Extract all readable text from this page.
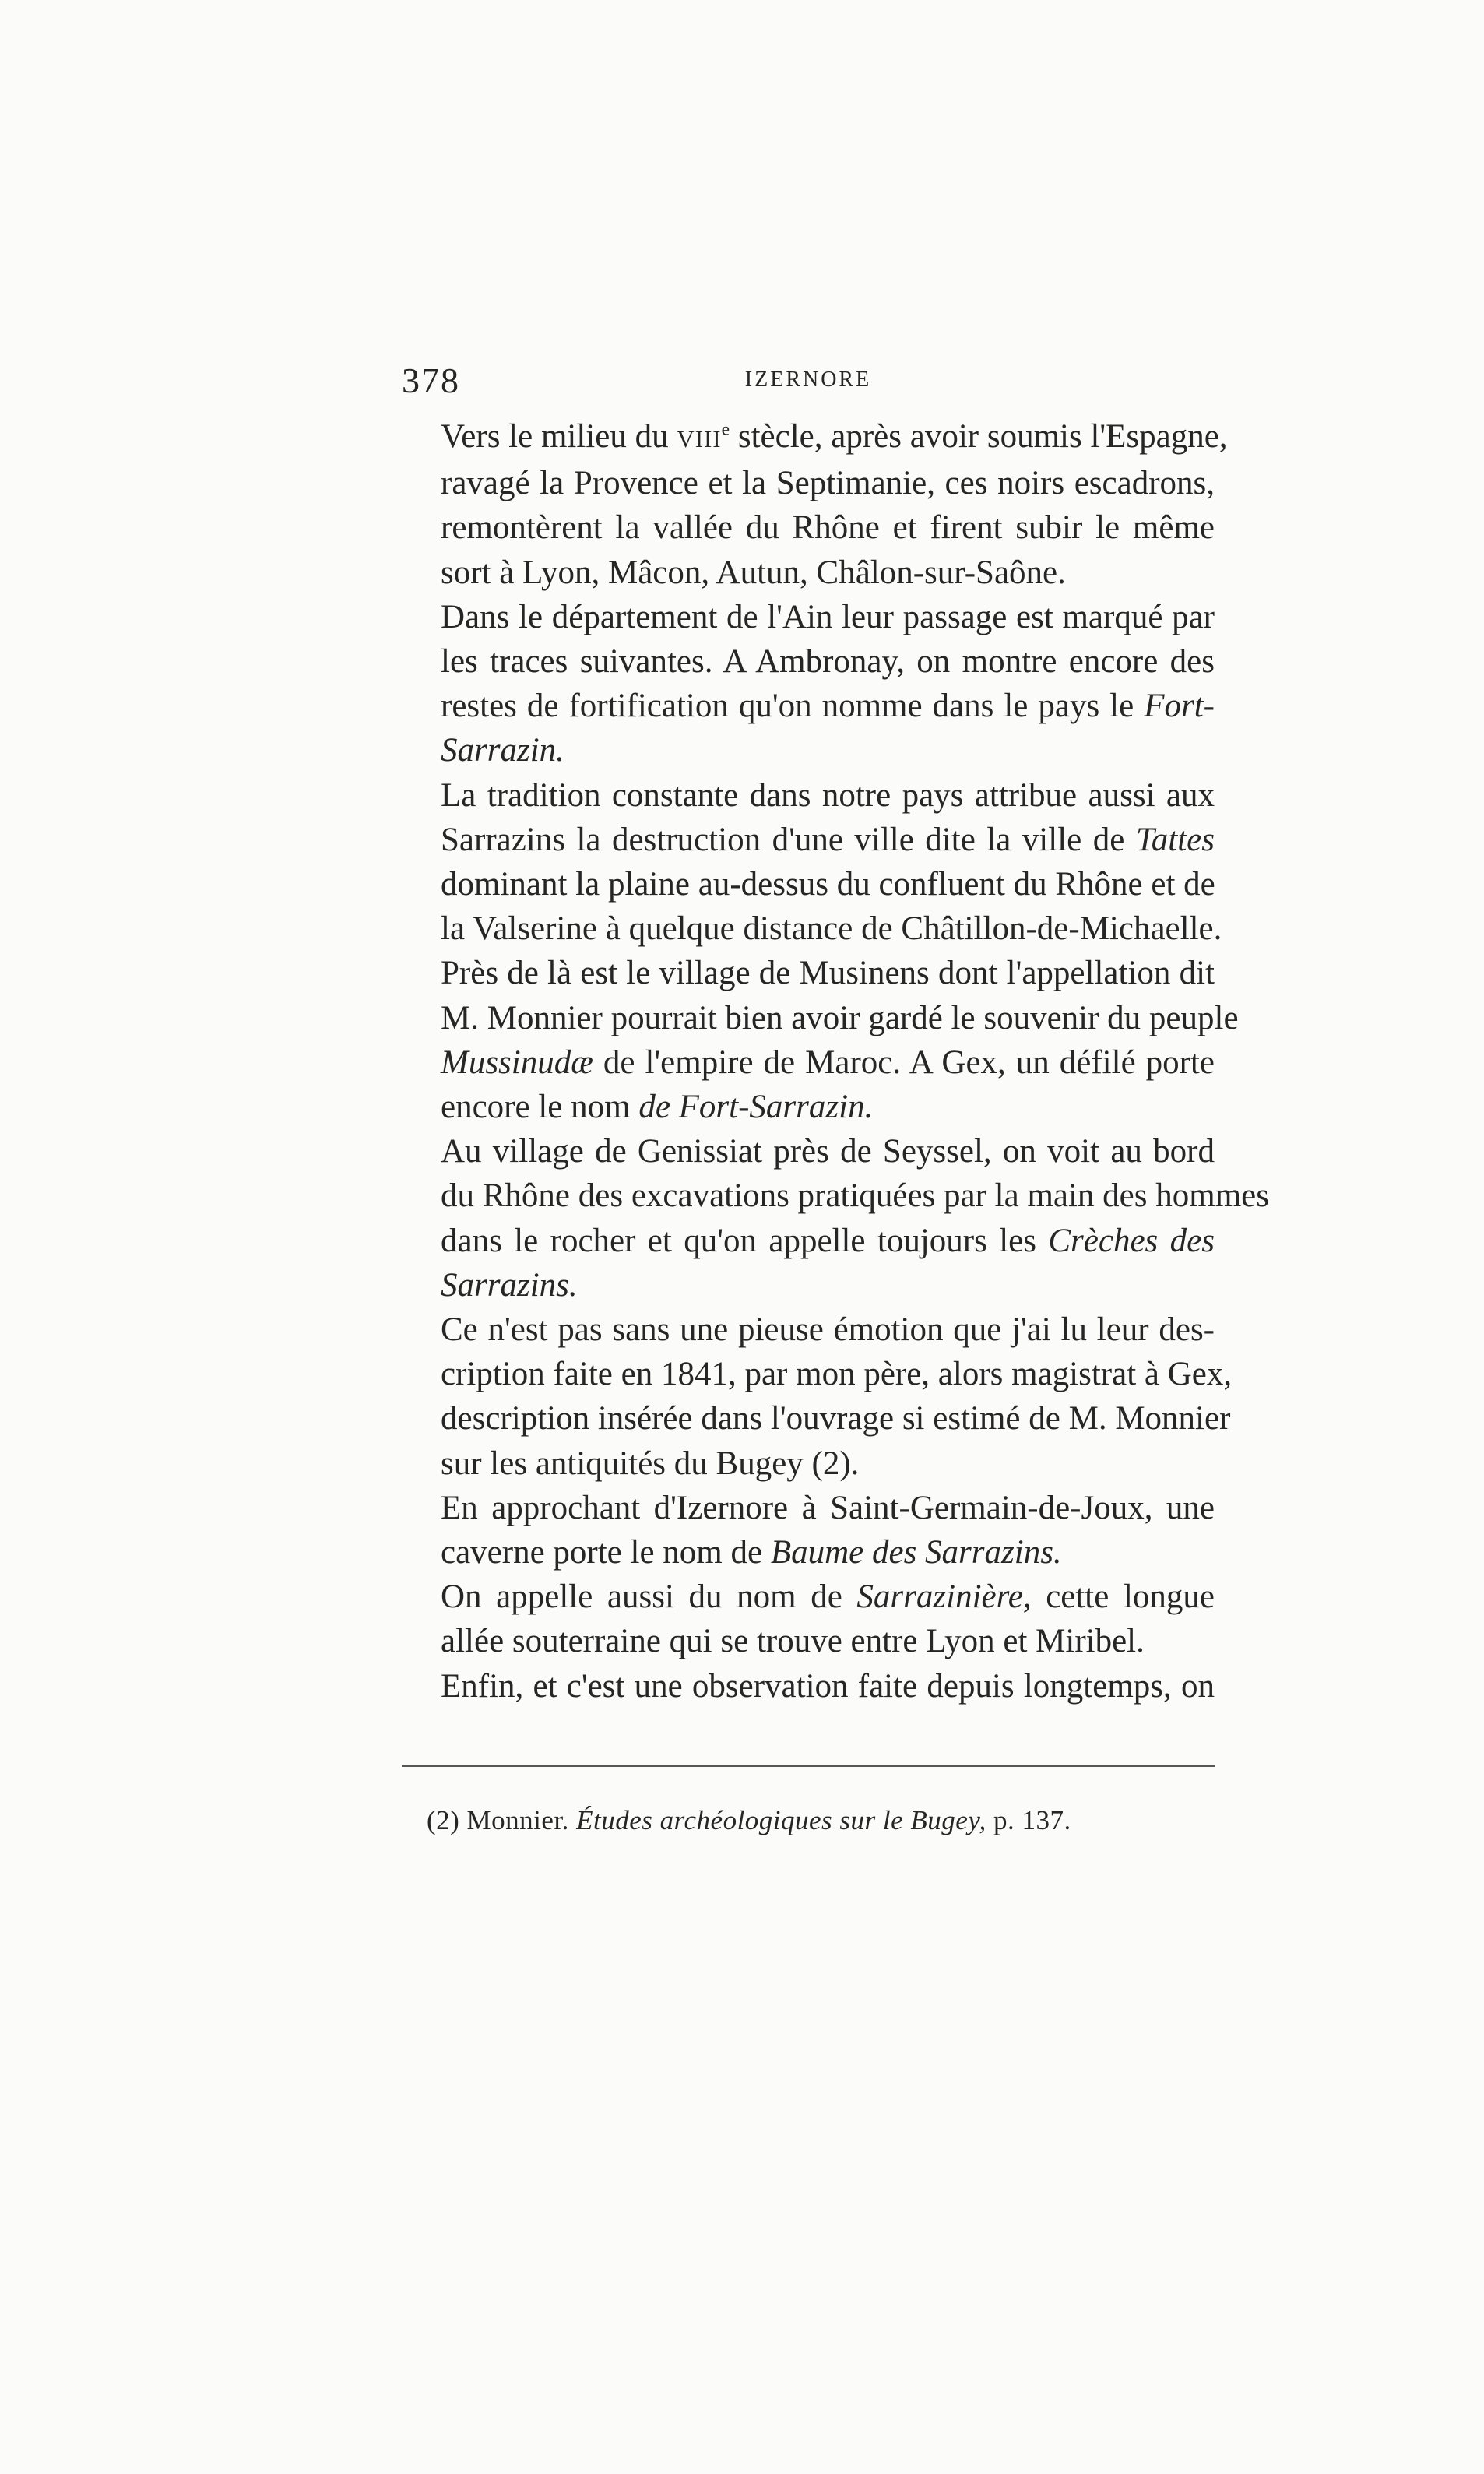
378	IZERNORE

Vers le milieu du VIIIe stècle, après avoir soumis l'Espagne,
ravagé la Provence et la Septimanie, ces noirs escadrons,
remontèrent la vallée du Rhône et firent subir le même
sort à Lyon, Mâcon, Autun, Châlon-sur-Saône.

Dans le département de l'Ain leur passage est marqué par
les traces suivantes. A Ambronay, on montre encore des
restes de fortification qu'on nomme dans le pays le Fort-
Sarrazin.

La tradition constante dans notre pays attribue aussi aux
Sarrazins la destruction d'une ville dite la ville de Tattes
dominant la plaine au-dessus du confluent du Rhône et de
la Valserine à quelque distance de Châtillon-de-Michaelle.
Près de là est le village de Musinens dont l'appellation dit
M. Monnier pourrait bien avoir gardé le souvenir du peuple
Mussinudæ de l'empire de Maroc. A Gex, un défilé porte
encore le nom de Fort-Sarrazin.

Au village de Genissiat près de Seyssel, on voit au bord
du Rhône des excavations pratiquées par la main des hommes
dans le rocher et qu'on appelle toujours les Crèches des
Sarrazins.

Ce n'est pas sans une pieuse émotion que j'ai lu leur des-
cription faite en 1841, par mon père, alors magistrat à Gex,
description insérée dans l'ouvrage si estimé de M. Monnier
sur les antiquités du Bugey (2).

En approchant d'Izernore à Saint-Germain-de-Joux, une
caverne porte le nom de Baume des Sarrazins.

On appelle aussi du nom de Sarrazinière, cette longue
allée souterraine qui se trouve entre Lyon et Miribel.

Enfin, et c'est une observation faite depuis longtemps, on

(2) Monnier. Études archéologiques sur le Bugey, p. 137.
